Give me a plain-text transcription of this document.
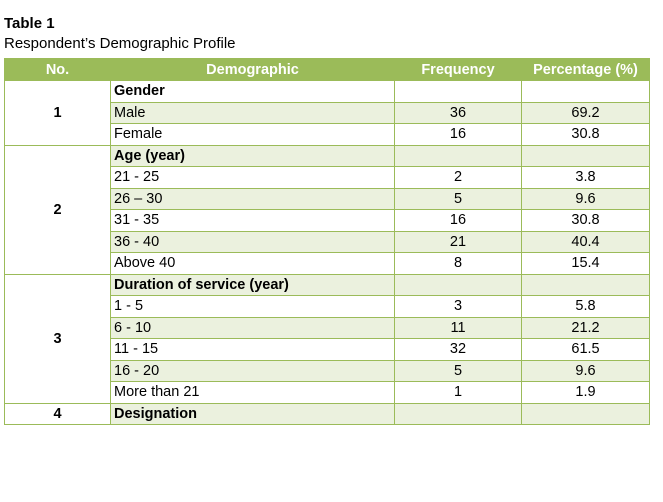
Table 1
Respondent’s Demographic Profile
No.	Demographic	Frequency	Percentage (%)
1	Gender		
	Male	36	69.2
	Female	16	30.8
2	Age (year)		
	21 - 25	2	3.8
	26 – 30	5	9.6
	31 - 35	16	30.8
	36 - 40	21	40.4
	Above 40	8	15.4
3	Duration of service (year)		
	1 - 5	3	5.8
	6 - 10	11	21.2
	11 - 15	32	61.5
	16 - 20	5	9.6
	More than 21	1	1.9
4	Designation		
